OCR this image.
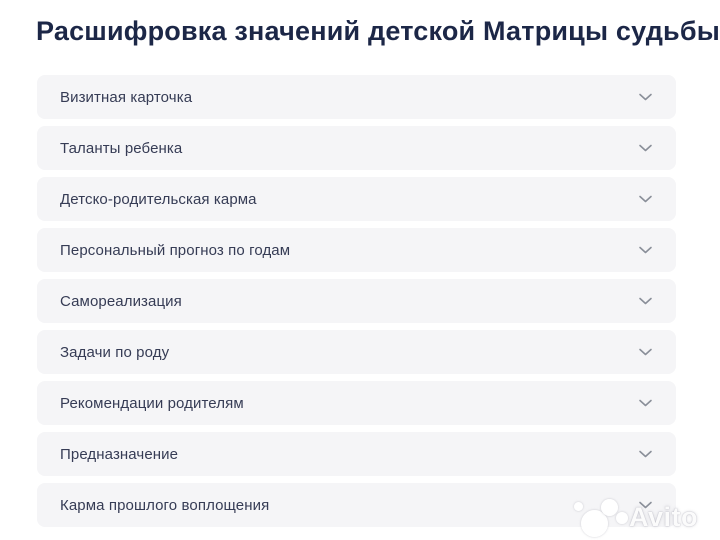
Расшифровка значений детской Матрицы судьбы
Визитная карточка
Таланты ребенка
Детско-родительская карма
Персональный прогноз по годам
Самореализация
Задачи по роду
Рекомендации родителям
Предназначение
Карма прошлого воплощения	Avito
